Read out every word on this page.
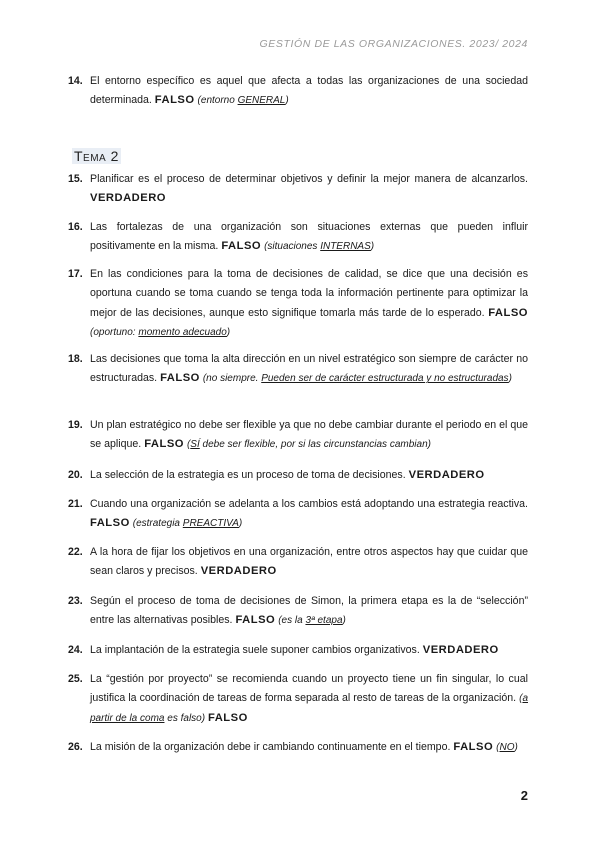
GESTIÓN DE LAS ORGANIZACIONES. 2023/ 2024
14. El entorno específico es aquel que afecta a todas las organizaciones de una sociedad determinada. FALSO (entorno GENERAL)
Tema 2
15. Planificar es el proceso de determinar objetivos y definir la mejor manera de alcanzarlos. VERDADERO
16. Las fortalezas de una organización son situaciones externas que pueden influir positivamente en la misma. FALSO (situaciones INTERNAS)
17. En las condiciones para la toma de decisiones de calidad, se dice que una decisión es oportuna cuando se toma cuando se tenga toda la información pertinente para optimizar la mejor de las decisiones, aunque esto signifique tomarla más tarde de lo esperado. FALSO (oportuno: momento adecuado)
18. Las decisiones que toma la alta dirección en un nivel estratégico son siempre de carácter no estructuradas. FALSO (no siempre. Pueden ser de carácter estructurada y no estructuradas)
19. Un plan estratégico no debe ser flexible ya que no debe cambiar durante el periodo en el que se aplique. FALSO (SÍ debe ser flexible, por si las circunstancias cambian)
20. La selección de la estrategia es un proceso de toma de decisiones. VERDADERO
21. Cuando una organización se adelanta a los cambios está adoptando una estrategia reactiva. FALSO (estrategia PREACTIVA)
22. A la hora de fijar los objetivos en una organización, entre otros aspectos hay que cuidar que sean claros y precisos. VERDADERO
23. Según el proceso de toma de decisiones de Simon, la primera etapa es la de “selección” entre las alternativas posibles. FALSO (es la 3ª etapa)
24. La implantación de la estrategia suele suponer cambios organizativos. VERDADERO
25. La “gestión por proyecto” se recomienda cuando un proyecto tiene un fin singular, lo cual justifica la coordinación de tareas de forma separada al resto de tareas de la organización. (a partir de la coma es falso) FALSO
26. La misión de la organización debe ir cambiando continuamente en el tiempo. FALSO (NO)
2
